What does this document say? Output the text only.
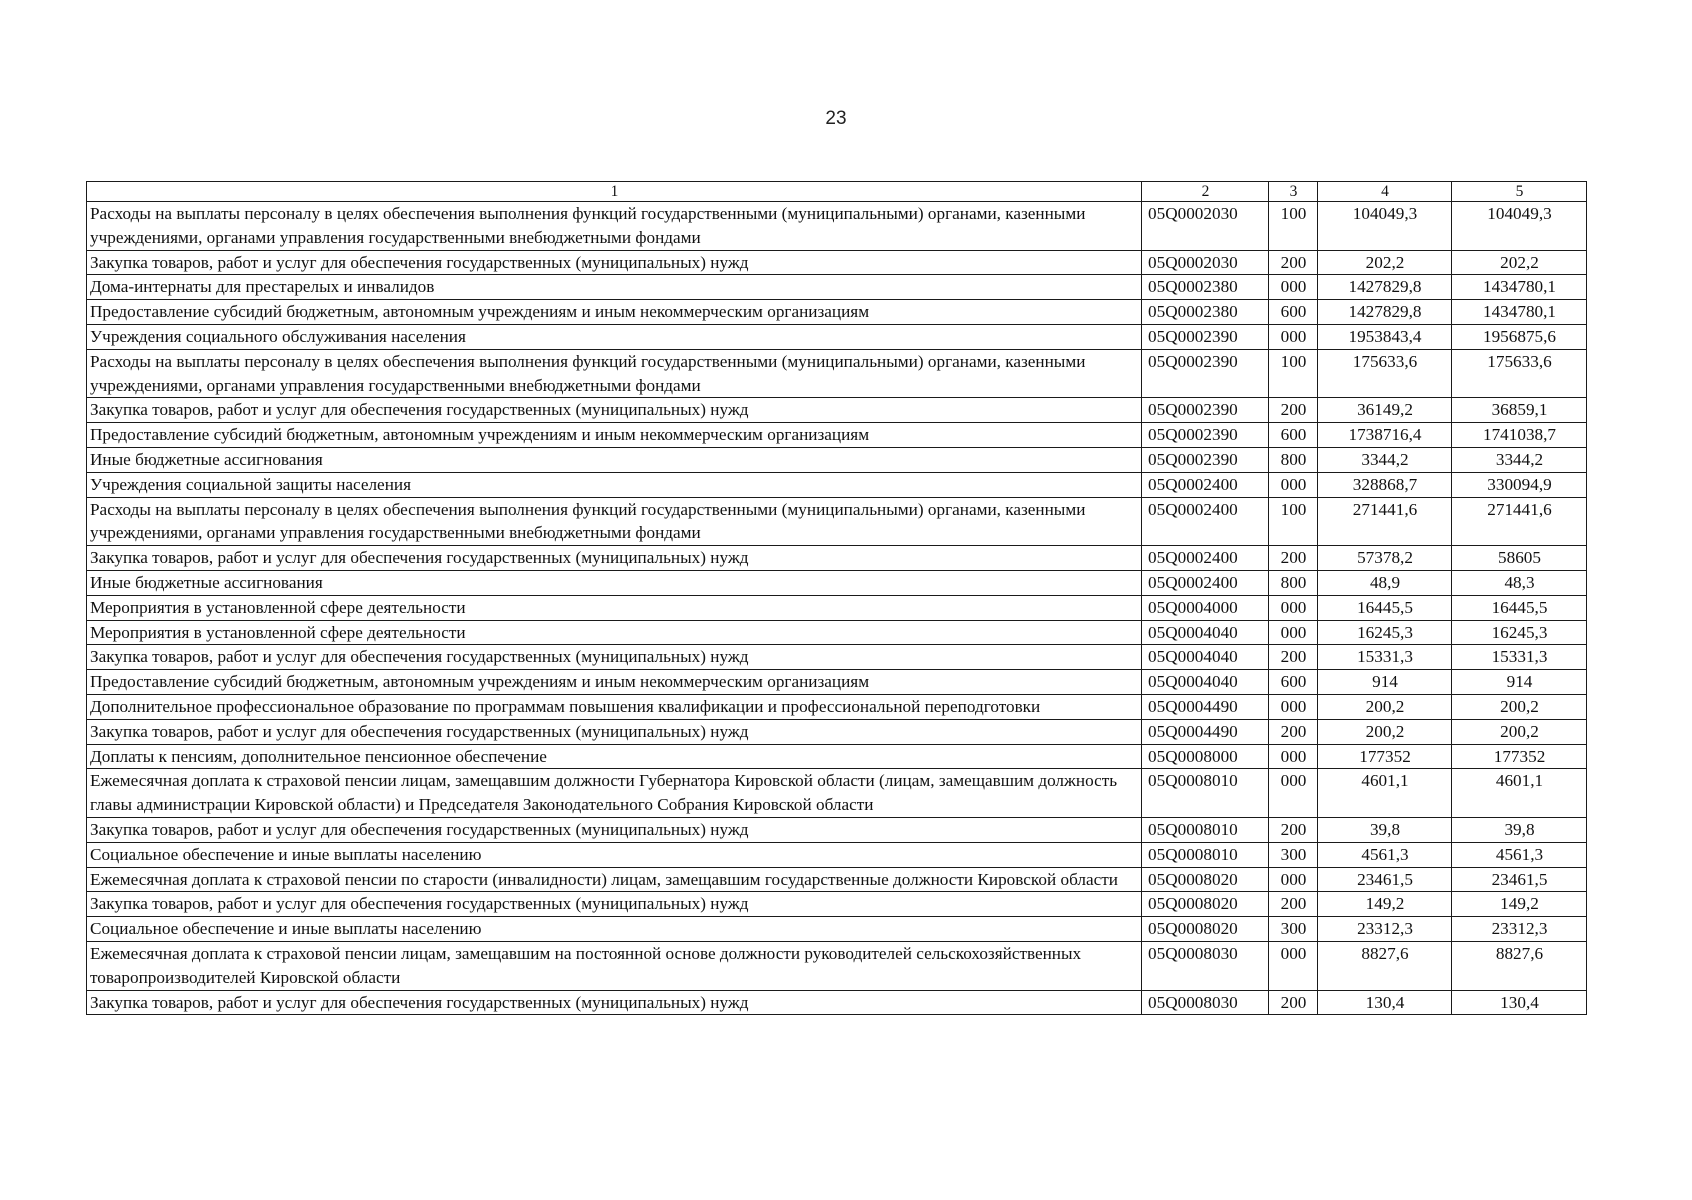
23
1	2	3	4	5
Расходы на выплаты персоналу в целях обеспечения выполнения функций государственными (муниципальными) органами, казенными учреждениями, органами управления государственными внебюджетными фондами	05Q0002030	100	104049,3	104049,3
Закупка товаров, работ и услуг для обеспечения государственных (муниципальных) нужд	05Q0002030	200	202,2	202,2
Дома-интернаты для престарелых и инвалидов	05Q0002380	000	1427829,8	1434780,1
Предоставление субсидий бюджетным, автономным учреждениям и иным некоммерческим организациям	05Q0002380	600	1427829,8	1434780,1
Учреждения социального обслуживания населения	05Q0002390	000	1953843,4	1956875,6
Расходы на выплаты персоналу в целях обеспечения выполнения функций государственными (муниципальными) органами, казенными учреждениями, органами управления государственными внебюджетными фондами	05Q0002390	100	175633,6	175633,6
Закупка товаров, работ и услуг для обеспечения государственных (муниципальных) нужд	05Q0002390	200	36149,2	36859,1
Предоставление субсидий бюджетным, автономным учреждениям и иным некоммерческим организациям	05Q0002390	600	1738716,4	1741038,7
Иные бюджетные ассигнования	05Q0002390	800	3344,2	3344,2
Учреждения социальной защиты населения	05Q0002400	000	328868,7	330094,9
Расходы на выплаты персоналу в целях обеспечения выполнения функций государственными (муниципальными) органами, казенными учреждениями, органами управления государственными внебюджетными фондами	05Q0002400	100	271441,6	271441,6
Закупка товаров, работ и услуг для обеспечения государственных (муниципальных) нужд	05Q0002400	200	57378,2	58605
Иные бюджетные ассигнования	05Q0002400	800	48,9	48,3
Мероприятия в установленной сфере деятельности	05Q0004000	000	16445,5	16445,5
Мероприятия в установленной сфере деятельности	05Q0004040	000	16245,3	16245,3
Закупка товаров, работ и услуг для обеспечения государственных (муниципальных) нужд	05Q0004040	200	15331,3	15331,3
Предоставление субсидий бюджетным, автономным учреждениям и иным некоммерческим организациям	05Q0004040	600	914	914
Дополнительное профессиональное образование по программам повышения квалификации и профессиональной переподготовки	05Q0004490	000	200,2	200,2
Закупка товаров, работ и услуг для обеспечения государственных (муниципальных) нужд	05Q0004490	200	200,2	200,2
Доплаты к пенсиям, дополнительное пенсионное обеспечение	05Q0008000	000	177352	177352
Ежемесячная доплата к страховой пенсии лицам, замещавшим должности Губернатора Кировской области (лицам, замещавшим должность главы администрации Кировской области) и Председателя Законодательного Собрания Кировской области	05Q0008010	000	4601,1	4601,1
Закупка товаров, работ и услуг для обеспечения государственных (муниципальных) нужд	05Q0008010	200	39,8	39,8
Социальное обеспечение и иные выплаты населению	05Q0008010	300	4561,3	4561,3
Ежемесячная доплата к страховой пенсии по старости (инвалидности) лицам, замещавшим государственные должности Кировской области	05Q0008020	000	23461,5	23461,5
Закупка товаров, работ и услуг для обеспечения государственных (муниципальных) нужд	05Q0008020	200	149,2	149,2
Социальное обеспечение и иные выплаты населению	05Q0008020	300	23312,3	23312,3
Ежемесячная доплата к страховой пенсии лицам, замещавшим на постоянной основе должности руководителей сельскохозяйственных товаропроизводителей Кировской области	05Q0008030	000	8827,6	8827,6
Закупка товаров, работ и услуг для обеспечения государственных (муниципальных) нужд	05Q0008030	200	130,4	130,4
